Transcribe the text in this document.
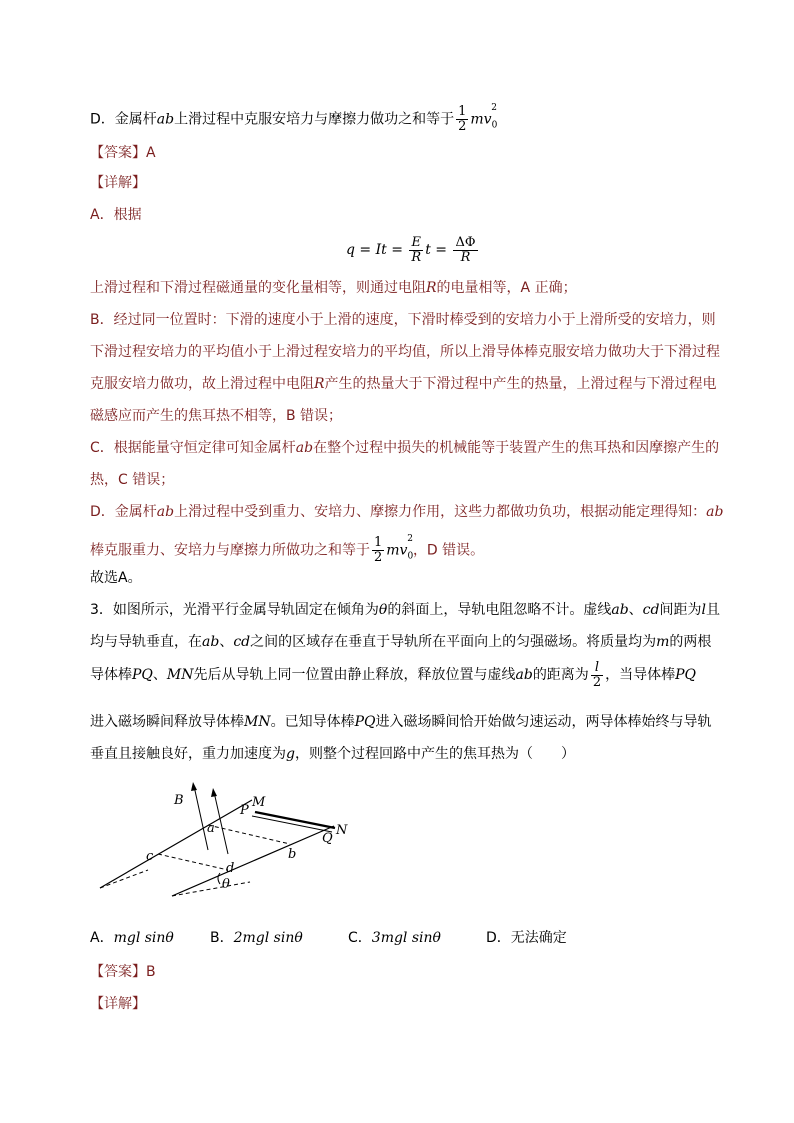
D．金属杆ab上滑过程中克服安培力与摩擦力做功之和等于 $\frac{1}{2} mv_0^2$
【答案】A
【详解】
A．根据
$q = It = \frac{E}{R}$ $t = \frac{\Delta\Phi}{R}$
上滑过程和下滑过程磁通量的变化量相等，则通过电阻R的电量相等，A 正确；
B．经过同一位置时：下滑的速度小于上滑的速度，下滑时棒受到的安培力小于上滑所受的安培力，则
下滑过程安培力的平均值小于上滑过程安培力的平均值，所以上滑导体棒克服安培力做功大于下滑过程
克服安培力做功，故上滑过程中电阻R产生的热量大于下滑过程中产生的热量，上滑过程与下滑过程电
磁感应而产生的焦耳热不相等，B 错误；
C．根据能量守恒定律可知金属杆ab在整个过程中损失的机械能等于装置产生的焦耳热和因摩擦产生的
热，C 错误；
D．金属杆ab上滑过程中受到重力、安培力、摩擦力作用，这些力都做功负功，根据动能定理得知：ab
棒克服重力、安培力与摩擦力所做功之和等于 $\frac{1}{2} mv_0^2$，D 错误。
故选A。
3．如图所示，光滑平行金属导轨固定在倾角为θ的斜面上，导轨电阻忽略不计。虚线ab、cd间距为l且
均与导轨垂直，在ab、cd之间的区域存在垂直于导轨所在平面向上的匀强磁场。将质量均为m的两根
导体棒PQ、MN先后从导轨上同一位置由静止释放，释放位置与虚线ab的距离为 $\frac{l}{2}$ ，当导体棒PQ
进入磁场瞬间释放导体棒MN。已知导体棒PQ进入磁场瞬间恰开始做匀速运动，两导体棒始终与导轨
垂直且接触良好，重力加速度为g，则整个过程回路中产生的焦耳热为（　　）
B
P
M
Q
N
a
b
c
d
θ
A．mgl sinθ	B．2mgl sinθ	C．3mgl sinθ	D．无法确定
【答案】B
【详解】
